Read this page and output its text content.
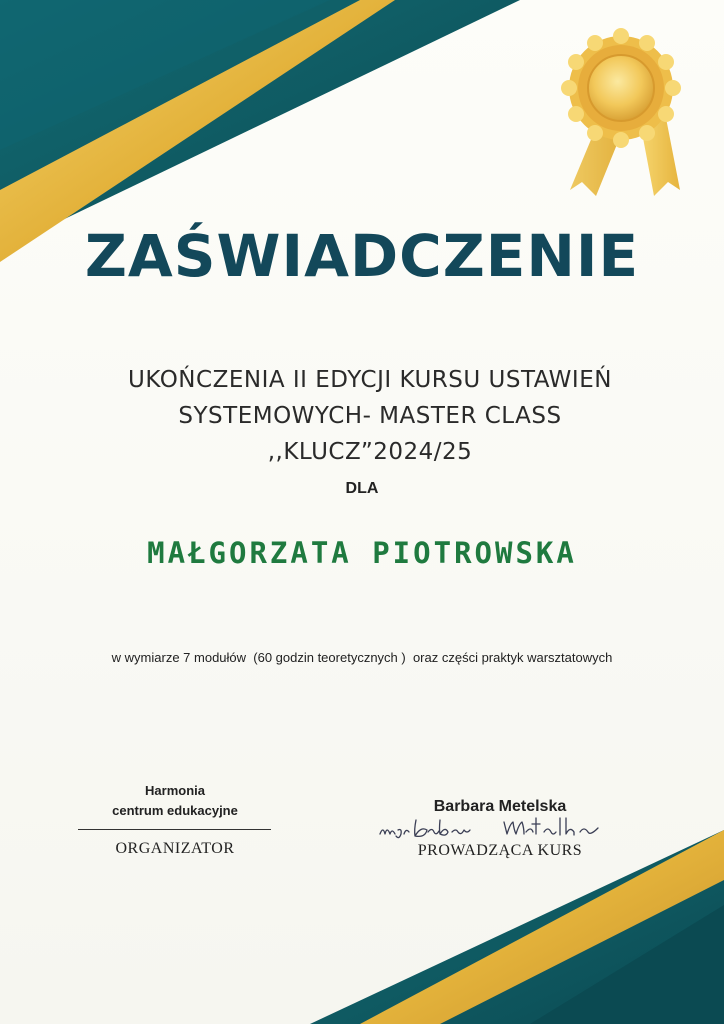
ZAŚWIADCZENIE
UKOŃCZENIA II EDYCJI KURSU USTAWIEŃ
SYSTEMOWYCH- MASTER CLASS
,,KLUCZ”2024/25
DLA
MAŁGORZATA PIOTROWSKA
w wymiarze 7 modułów  (60 godzin teoretycznych )  oraz części praktyk warsztatowych
Harmonia
centrum edukacyjne
ORGANIZATOR
Barbara Metelska
PROWADZĄCA KURS
